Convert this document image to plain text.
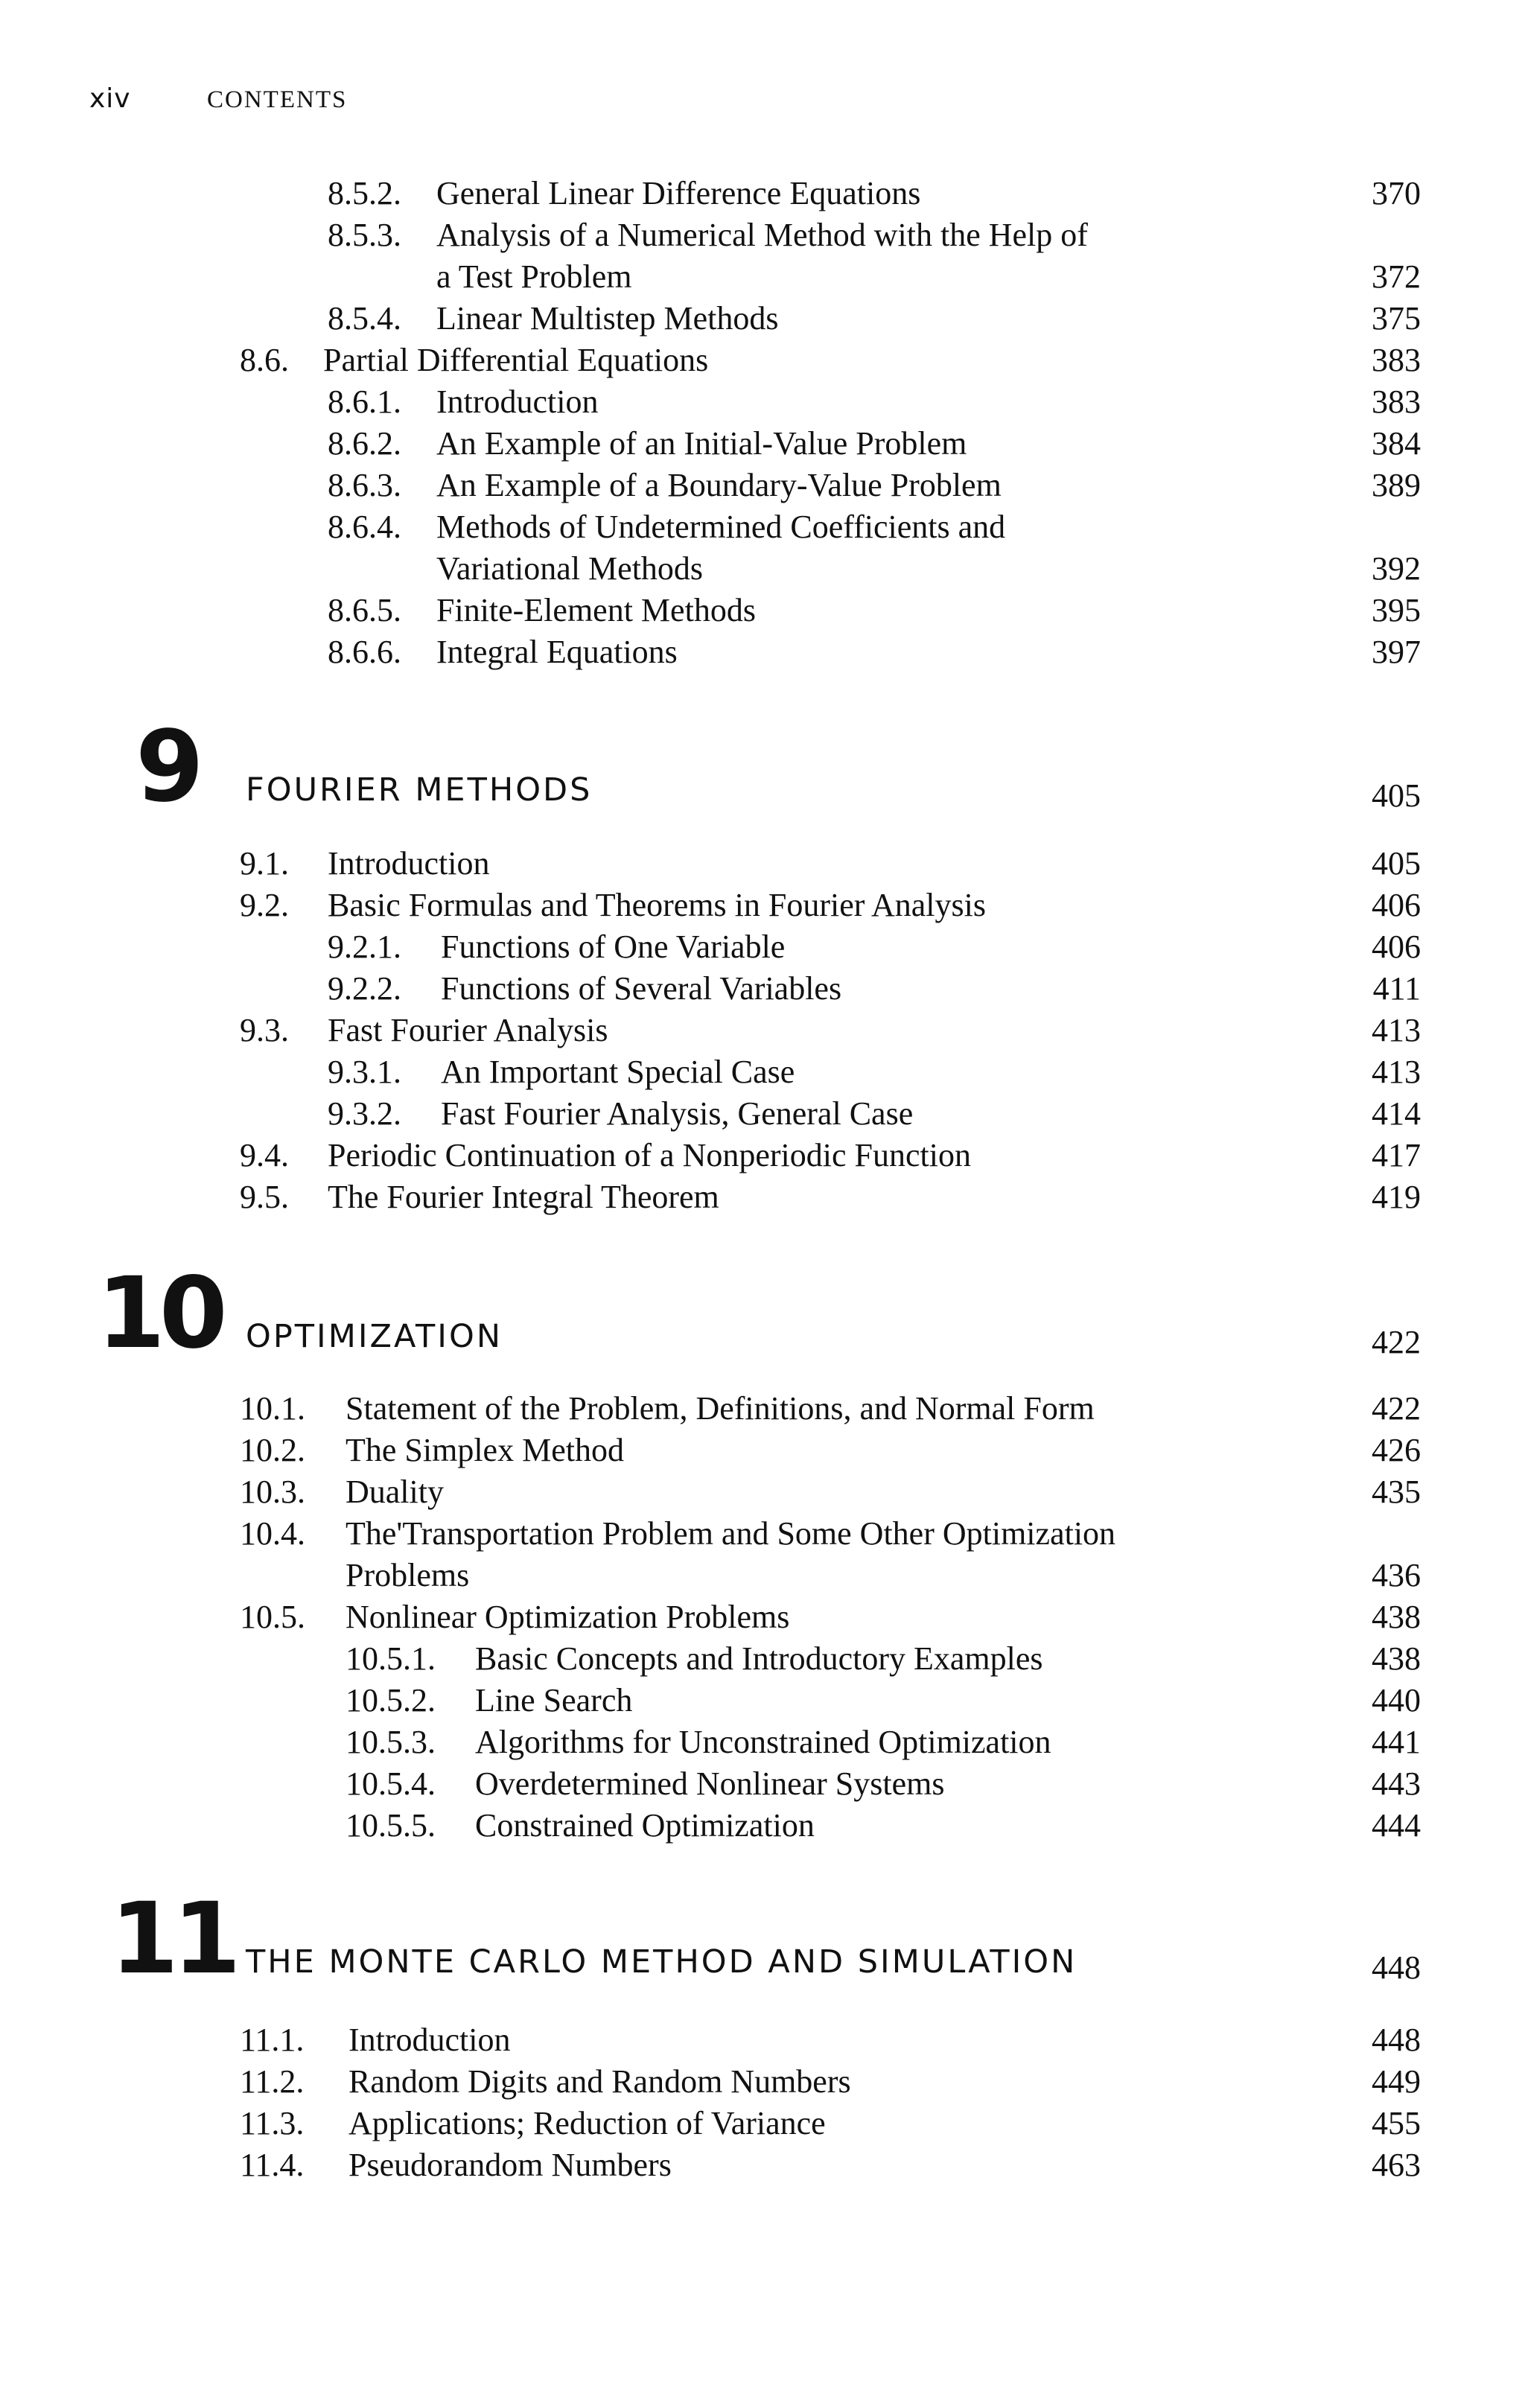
xiv	CONTENTS
8.5.2. General Linear Difference Equations	370
8.5.3. Analysis of a Numerical Method with the Help of
a Test Problem	372
8.5.4. Linear Multistep Methods	375
8.6. Partial Differential Equations	383
8.6.1. Introduction	383
8.6.2. An Example of an Initial-Value Problem	384
8.6.3. An Example of a Boundary-Value Problem	389
8.6.4. Methods of Undetermined Coefficients and
Variational Methods	392
8.6.5. Finite-Element Methods	395
8.6.6. Integral Equations	397
9 FOURIER METHODS	405
9.1. Introduction	405
9.2. Basic Formulas and Theorems in Fourier Analysis	406
9.2.1. Functions of One Variable	406
9.2.2. Functions of Several Variables	411
9.3. Fast Fourier Analysis	413
9.3.1. An Important Special Case	413
9.3.2. Fast Fourier Analysis, General Case	414
9.4. Periodic Continuation of a Nonperiodic Function	417
9.5. The Fourier Integral Theorem	419
10 OPTIMIZATION	422
10.1. Statement of the Problem, Definitions, and Normal Form	422
10.2. The Simplex Method	426
10.3. Duality	435
10.4. The'Transportation Problem and Some Other Optimization
Problems	436
10.5. Nonlinear Optimization Problems	438
10.5.1. Basic Concepts and Introductory Examples	438
10.5.2. Line Search	440
10.5.3. Algorithms for Unconstrained Optimization	441
10.5.4. Overdetermined Nonlinear Systems	443
10.5.5. Constrained Optimization	444
11 THE MONTE CARLO METHOD AND SIMULATION	448
11.1. Introduction	448
11.2. Random Digits and Random Numbers	449
11.3. Applications; Reduction of Variance	455
11.4. Pseudorandom Numbers	463
